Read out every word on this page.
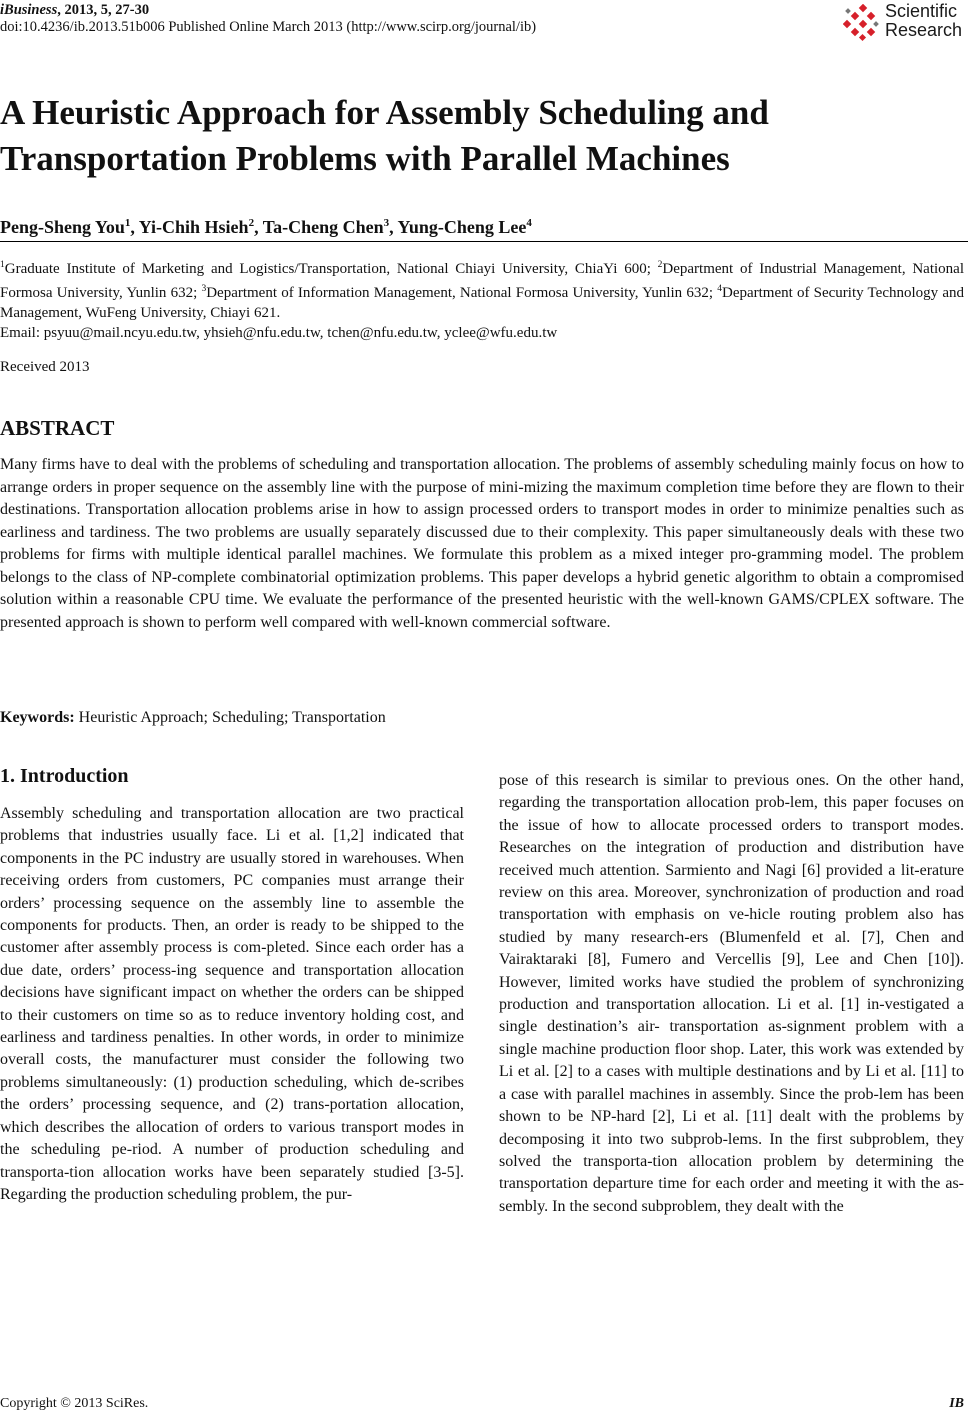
iBusiness, 2013, 5, 27-30
doi:10.4236/ib.2013.51b006 Published Online March 2013 (http://www.scirp.org/journal/ib)
Scientific
Research
A Heuristic Approach for Assembly Scheduling and
Transportation Problems with Parallel Machines
Peng-Sheng You$^1$, Yi-Chih Hsieh$^2$, Ta-Cheng Chen$^3$, Yung-Cheng Lee$^4$
$^1$Graduate Institute of Marketing and Logistics/Transportation, National Chiayi University, ChiaYi 600; $^2$Department of Industrial Management, National Formosa University, Yunlin 632; $^3$Department of Information Management, National Formosa University, Yunlin 632; $^4$Department of Security Technology and Management, WuFeng University, Chiayi 621.
Email: psyuu@mail.ncyu.edu.tw, yhsieh@nfu.edu.tw, tchen@nfu.edu.tw, yclee@wfu.edu.tw
Received 2013
ABSTRACT
Many firms have to deal with the problems of scheduling and transportation allocation. The problems of assembly scheduling mainly focus on how to arrange orders in proper sequence on the assembly line with the purpose of mini-mizing the maximum completion time before they are flown to their destinations. Transportation allocation problems arise in how to assign processed orders to transport modes in order to minimize penalties such as earliness and tardiness. The two problems are usually separately discussed due to their complexity. This paper simultaneously deals with these two problems for firms with multiple identical parallel machines. We formulate this problem as a mixed integer pro-gramming model. The problem belongs to the class of NP-complete combinatorial optimization problems. This paper develops a hybrid genetic algorithm to obtain a compromised solution within a reasonable CPU time. We evaluate the performance of the presented heuristic with the well-known GAMS/CPLEX software. The presented approach is shown to perform well compared with well-known commercial software.
Keywords: Heuristic Approach; Scheduling; Transportation
1. Introduction
Assembly scheduling and transportation allocation are two practical problems that industries usually face. Li et al. [1,2] indicated that components in the PC industry are usually stored in warehouses. When receiving orders from customers, PC companies must arrange their orders’ processing sequence on the assembly line to assemble the components for products. Then, an order is ready to be shipped to the customer after assembly process is com-pleted. Since each order has a due date, orders’ process-ing sequence and transportation allocation decisions have significant impact on whether the orders can be shipped to their customers on time so as to reduce inventory holding cost, and earliness and tardiness penalties. In other words, in order to minimize overall costs, the manufacturer must consider the following two problems simultaneously: (1) production scheduling, which de-scribes the orders’ processing sequence, and (2) trans-portation allocation, which describes the allocation of orders to various transport modes in the scheduling pe-riod. A number of production scheduling and transporta-tion allocation works have been separately studied [3-5]. Regarding the production scheduling problem, the pur-
pose of this research is similar to previous ones. On the other hand, regarding the transportation allocation prob-lem, this paper focuses on the issue of how to allocate processed orders to transport modes. Researches on the integration of production and distribution have received much attention. Sarmiento and Nagi [6] provided a lit-erature review on this area. Moreover, synchronization of production and road transportation with emphasis on ve-hicle routing problem also has studied by many research-ers (Blumenfeld et al. [7], Chen and Vairaktaraki [8], Fumero and Vercellis [9], Lee and Chen [10]). However, limited works have studied the problem of synchronizing production and transportation allocation. Li et al. [1] in-vestigated a single destination’s air- transportation as-signment problem with a single machine production floor shop. Later, this work was extended by Li et al. [2] to a cases with multiple destinations and by Li et al. [11] to a case with parallel machines in assembly. Since the prob-lem has been shown to be NP-hard [2], Li et al. [11] dealt with the problems by decomposing it into two subprob-lems. In the first subproblem, they solved the transporta-tion allocation problem by determining the transportation departure time for each order and meeting it with the as-sembly. In the second subproblem, they dealt with the
Copyright © 2013 SciRes.	IB
